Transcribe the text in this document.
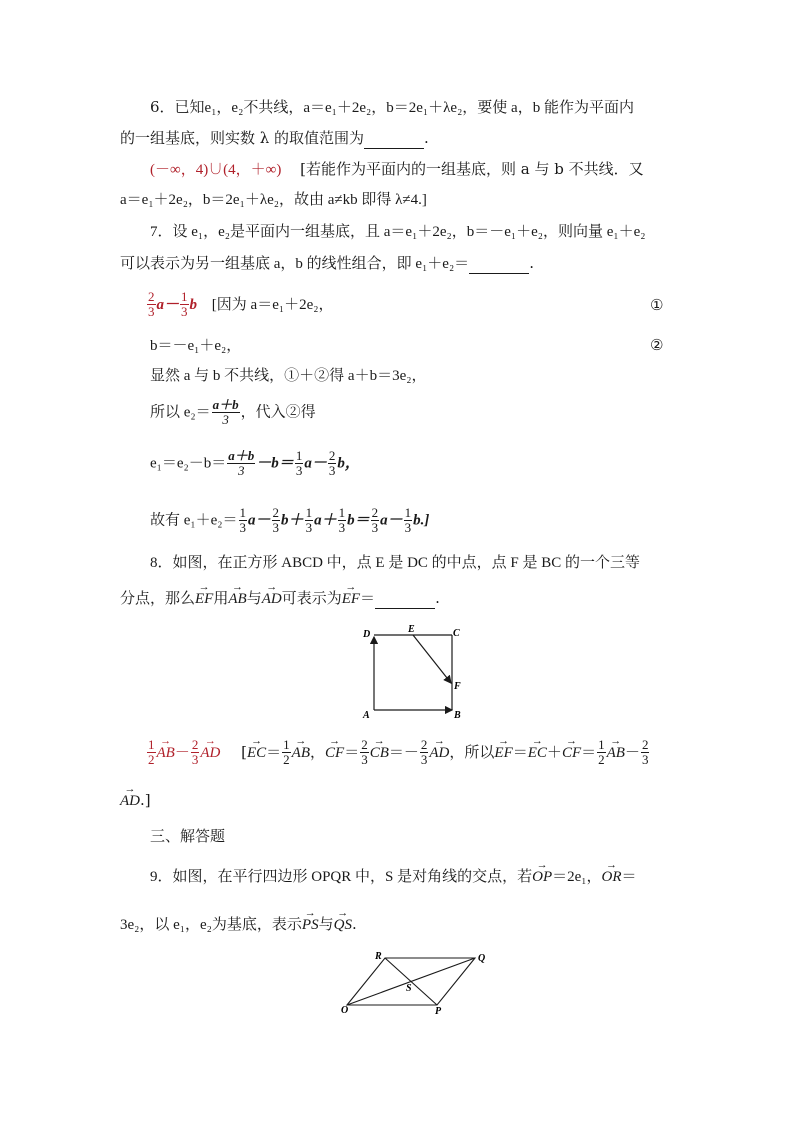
6．已知e₁，e₂不共线，a＝e₁＋2e₂，b＝2e₁＋λe₂，要使 a，b 能作为平面内
的一组基底，则实数 λ 的取值范围为	.
(－∞，4)∪(4，＋∞) [若能作为平面内的一组基底，则 a 与 b 不共线．又
a＝e₁＋2e₂，b＝2e₁＋λe₂，故由 a≠kb 即得 λ≠4.]
7．设 e₁，e₂是平面内一组基底，且 a＝e₁＋2e₂，b＝－e₁＋e₂，则向量 e₁＋e₂
可以表示为另一组基底 a，b 的线性组合，即 e₁＋e₂＝	.
$\frac{2}{3} a- \frac{1}{3}$ b [因为 a＝e₁＋2e₂，	①
b＝－e₁＋e₂，	②
显然 a 与 b 不共线，①＋②得 a＋b＝3e₂，
所以 $e_2= \frac{a+b}{3}$ ，代入②得
$e_1=e_2-b= \frac{a+b}{3} -b= \frac{1}{3} a- \frac{2}{3}$ b，
故有 $e_1+e_2= \frac{1}{3} a- \frac{2}{3} b+ \frac{1}{3} a+ \frac{1}{3} b= \frac{2}{3} a- \frac{1}{3} b$.]
8．如图，在正方形 ABCD 中，点 E 是 DC 的中点，点 F 是 BC 的一个三等
分点，那么→ EF用→ AB与→ AD可表示为→ EF＝	.
D	E	C
F
A	B
$\frac{1}{2}$
→ $AB- \frac{2}{3}$
→ AD [→ $EC= \frac{1}{2}$
→ AB，→ $CF= \frac{2}{3}$
→ $CB=- \frac{2}{3}$
→ AD，所以→ $EF=\to EC+\to CF= \frac{1}{2}$
→ $AB- \frac{2}{3}$
→ AD.]
三、解答题
9．如图，在平行四边形 OPQR 中，S 是对角线的交点，若→ OP＝2e₁，→ OR＝
3e₂，以 e₁，e₂为基底，表示→ PS与→ QS.
R	Q
S
O	P
